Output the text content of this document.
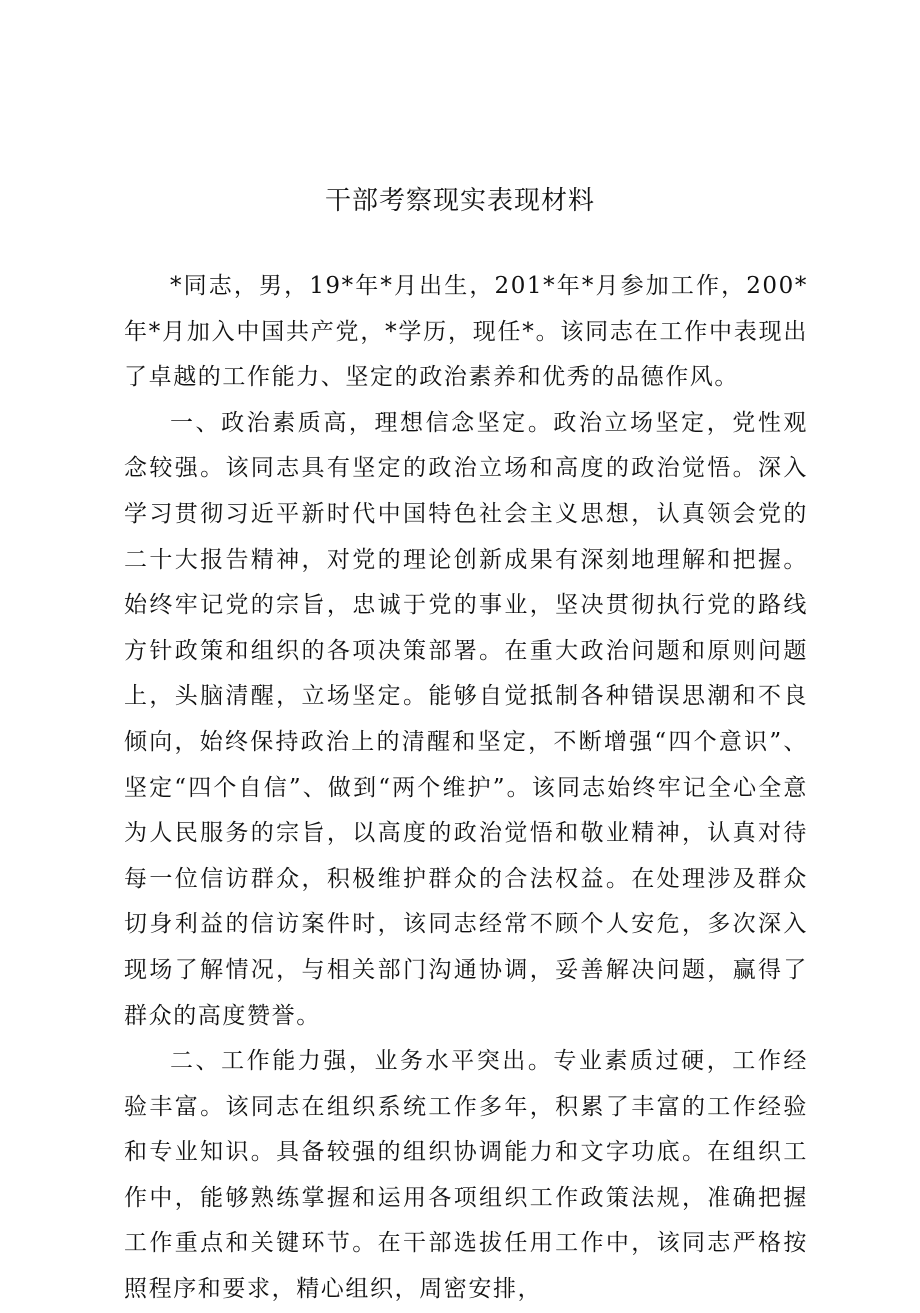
干部考察现实表现材料

*同志，男，19*年*月出生，201*年*月参加工作，200*年*月加入中国共产党，*学历，现任*。该同志在工作中表现出了卓越的工作能力、坚定的政治素养和优秀的品德作风。

一、政治素质高，理想信念坚定。政治立场坚定，党性观念较强。该同志具有坚定的政治立场和高度的政治觉悟。深入学习贯彻习近平新时代中国特色社会主义思想，认真领会党的二十大报告精神，对党的理论创新成果有深刻地理解和把握。始终牢记党的宗旨，忠诚于党的事业，坚决贯彻执行党的路线方针政策和组织的各项决策部署。在重大政治问题和原则问题上，头脑清醒，立场坚定。能够自觉抵制各种错误思潮和不良倾向，始终保持政治上的清醒和坚定，不断增强“四个意识”、坚定“四个自信”、做到“两个维护”。该同志始终牢记全心全意为人民服务的宗旨，以高度的政治觉悟和敬业精神，认真对待每一位信访群众，积极维护群众的合法权益。在处理涉及群众切身利益的信访案件时，该同志经常不顾个人安危，多次深入现场了解情况，与相关部门沟通协调，妥善解决问题，赢得了群众的高度赞誉。

二、工作能力强，业务水平突出。专业素质过硬，工作经验丰富。该同志在组织系统工作多年，积累了丰富的工作经验和专业知识。具备较强的组织协调能力和文字功底。在组织工作中，能够熟练掌握和运用各项组织工作政策法规，准确把握工作重点和关键环节。在干部选拔任用工作中，该同志严格按照程序和要求，精心组织，周密安排，
